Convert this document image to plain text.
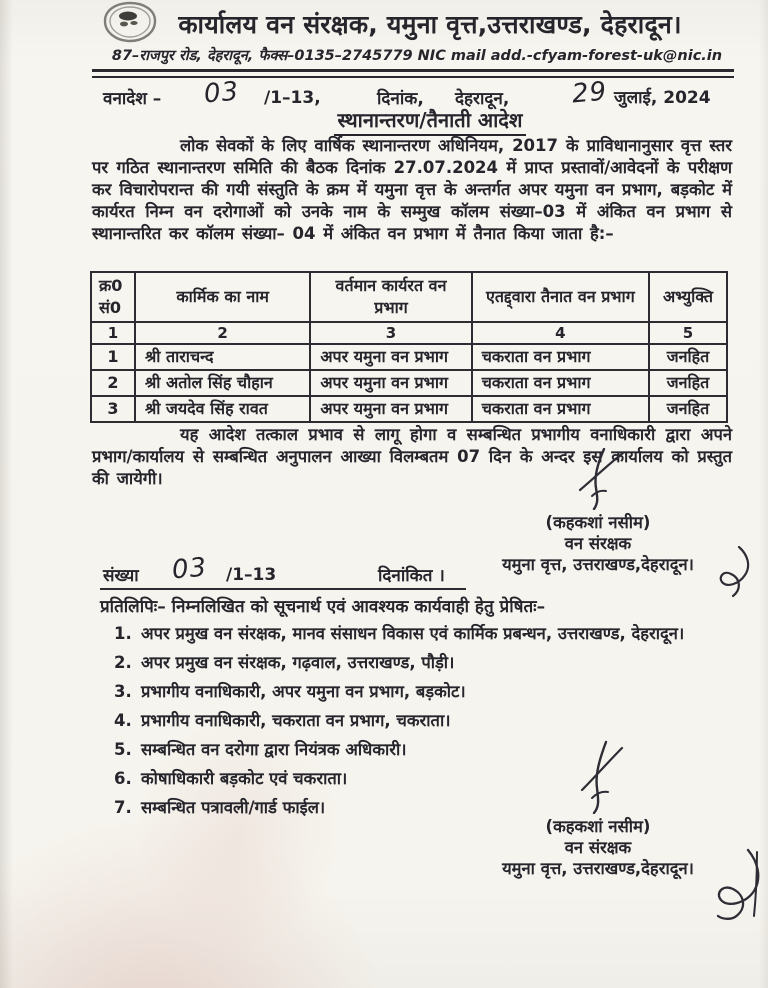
कार्यालय वन संरक्षक, यमुना वृत्त,उत्तराखण्ड, देहरादून।
87–राजपुर रोड, देहरादून, फैक्स–0135–2745779 NIC mail add.-cfyam-forest-uk@nic.in
वनादेश – 03 /1–13,	दिनांक, देहरादून, 29 जुलाई, 2024
स्थानान्तरण/तैनाती आदेश

लोक सेवकों के लिए वार्षिक स्थानान्तरण अधिनियम, 2017 के प्राविधानानुसार वृत्त स्तर पर गठित स्थानान्तरण समिति की बैठक दिनांक 27.07.2024 में प्राप्त प्रस्तावों/आवेदनों के परीक्षण कर विचारोपरान्त की गयी संस्तुति के क्रम में यमुना वृत्त के अन्तर्गत अपर यमुना वन प्रभाग, बड़कोट में कार्यरत निम्न वन दरोगाओं को उनके नाम के सम्मुख कॉलम संख्या–03 में अंकित वन प्रभाग से स्थानान्तरित कर कॉलम संख्या– 04 में अंकित वन प्रभाग में तैनात किया जाता है:–

क्र0 सं0	कार्मिक का नाम	वर्तमान कार्यरत वन प्रभाग	एतद्द्वारा तैनात वन प्रभाग	अभ्युक्ति
1	2	3	4	5
1	श्री ताराचन्द	अपर यमुना वन प्रभाग	चकराता वन प्रभाग	जनहित
2	श्री अतोल सिंह चौहान	अपर यमुना वन प्रभाग	चकराता वन प्रभाग	जनहित
3	श्री जयदेव सिंह रावत	अपर यमुना वन प्रभाग	चकराता वन प्रभाग	जनहित

यह आदेश तत्काल प्रभाव से लागू होगा व सम्बन्धित प्रभागीय वनाधिकारी द्वारा अपने प्रभाग/कार्यालय से सम्बन्धित अनुपालन आख्या विलम्बतम 07 दिन के अन्दर इस कार्यालय को प्रस्तुत की जायेगी।

(कहकशां नसीम)
वन संरक्षक
यमुना वृत्त, उत्तराखण्ड,देहरादून।
संख्या 03 /1–13	दिनांकित ।
प्रतिलिपिः– निम्नलिखित को सूचनार्थ एवं आवश्यक कार्यवाही हेतु प्रेषितः–
1. अपर प्रमुख वन संरक्षक, मानव संसाधन विकास एवं कार्मिक प्रबन्धन, उत्तराखण्ड, देहरादून।
2. अपर प्रमुख वन संरक्षक, गढ़वाल, उत्तराखण्ड, पौड़ी।
3. प्रभागीय वनाधिकारी, अपर यमुना वन प्रभाग, बड़कोट।
4. प्रभागीय वनाधिकारी, चकराता वन प्रभाग, चकराता।
5. सम्बन्धित वन दरोगा द्वारा नियंत्रक अधिकारी।
6. कोषाधिकारी बड़कोट एवं चकराता।
7. सम्बन्धित पत्रावली/गार्ड फाईल।
(कहकशां नसीम)
वन संरक्षक
यमुना वृत्त, उत्तराखण्ड,देहरादून।
